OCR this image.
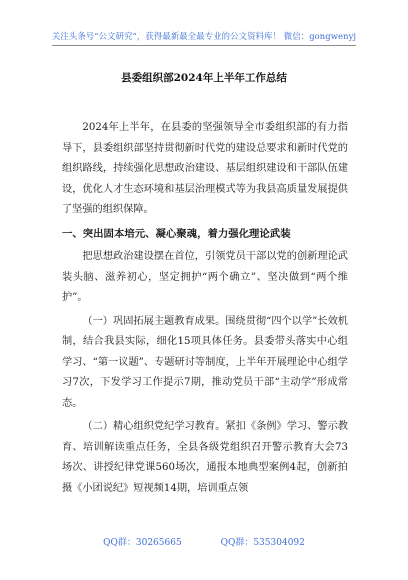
关注头条号“公文研究”，获得最新最全最专业的公文资料库！ 微信：gongwenyj
县委组织部2024年上半年工作总结

2024年上半年，在县委的坚强领导全市委组织部的有力指导下，县委组织部坚持贯彻新时代党的建设总要求和新时代党的组织路线，持续强化思想政治建设、基层组织建设和干部队伍建设，优化人才生态环境和基层治理模式等为我县高质量发展提供了坚强的组织保障。

一、突出固本培元、凝心聚魂，着力强化理论武装

把思想政治建设摆在首位，引领党员干部以党的创新理论武装头脑、滋养初心，坚定拥护“两个确立”、坚决做到“两个维护”。

（一）巩固拓展主题教育成果。围绕贯彻“四个以学”长效机制，结合我县实际，细化15项具体任务。县委带头落实中心组学习、“第一议题”、专题研讨等制度，上半年开展理论中心组学习7次，下发学习工作提示7期，推动党员干部“主动学”形成常态。

（二）精心组织党纪学习教育。紧扣《条例》学习、警示教育、培训解读重点任务，全县各级党组织召开警示教育大会73场次、讲授纪律党课560场次，通报本地典型案例4起，创新拍摄《小团说纪》短视频14期，培训重点领

QQ群：30265665	QQ群：535304092
